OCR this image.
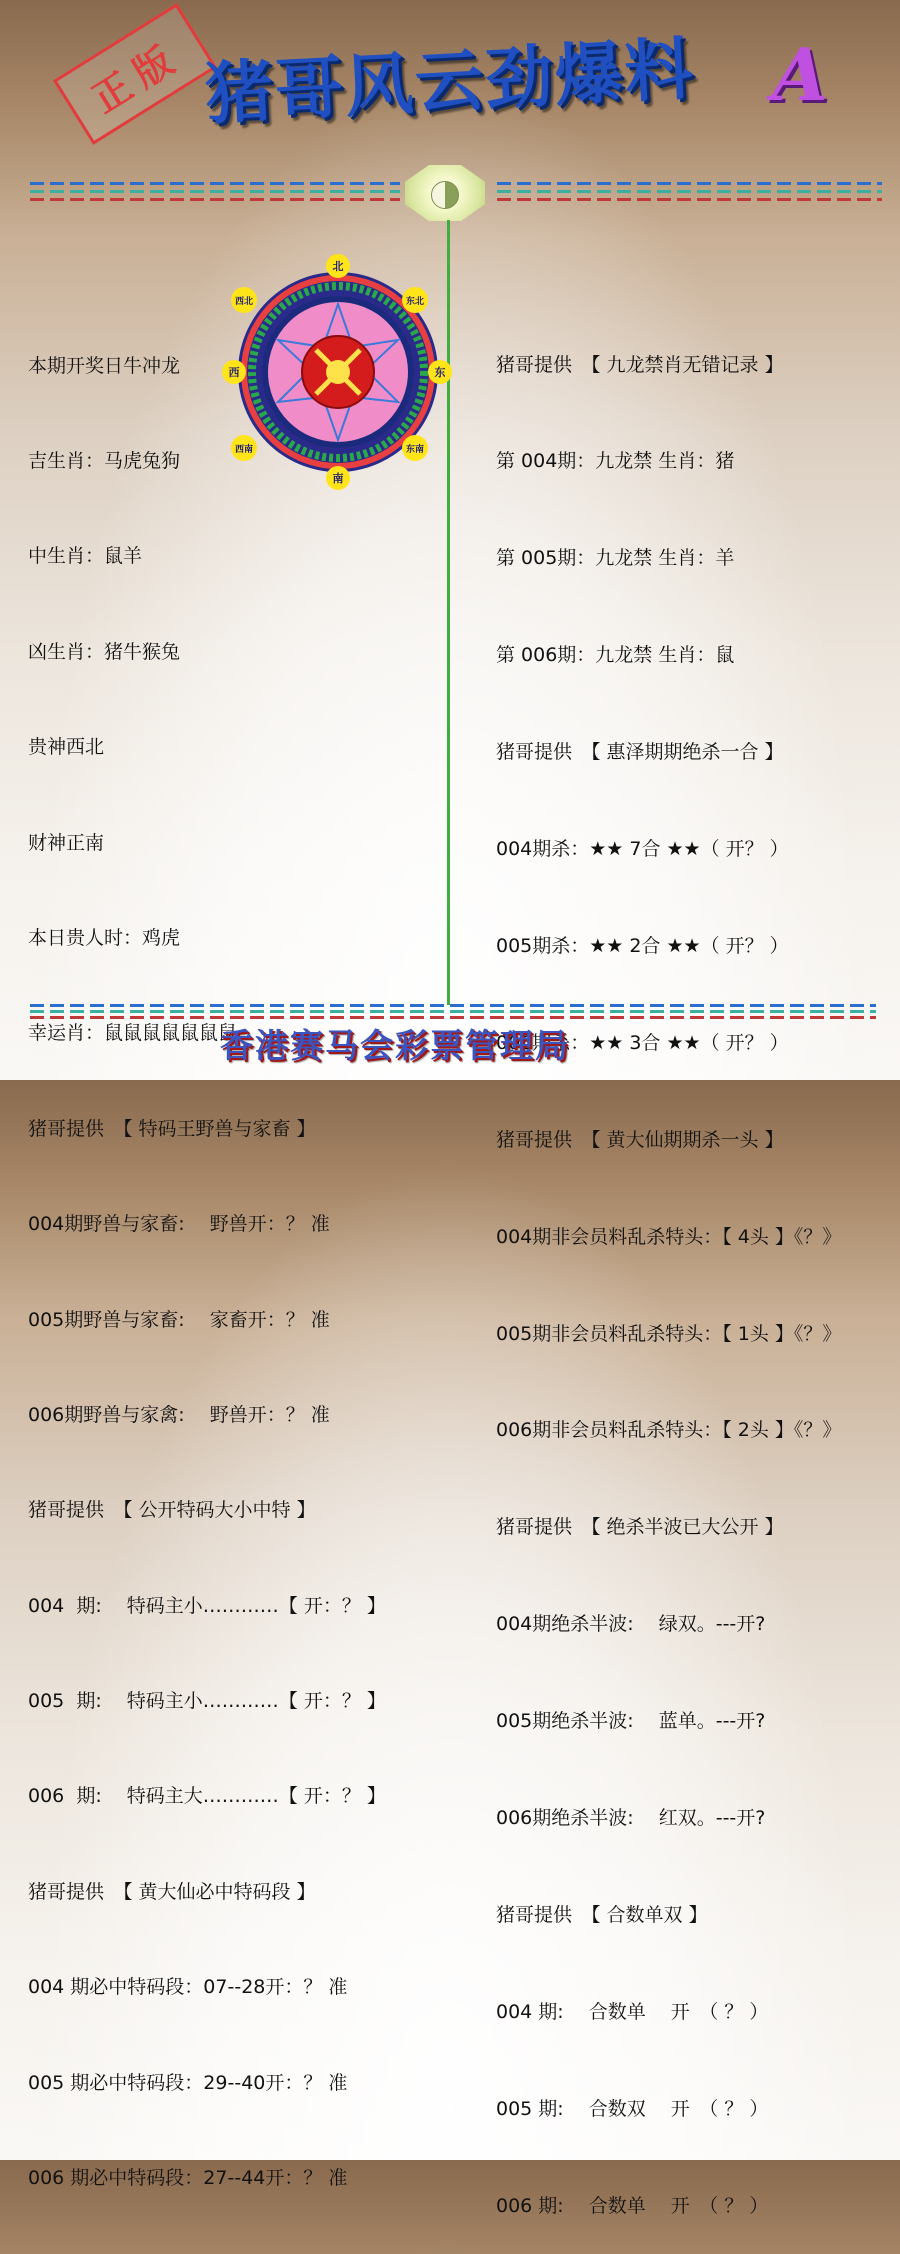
正版 猪哥风云劲爆料 A
北
东北
东
东南
南
西南
西
西北

本期开奖日牛冲龙

吉生肖：马虎兔狗

中生肖：鼠羊

凶生肖：猪牛猴兔

贵神西北

财神正南

本日贵人时：鸡虎

幸运肖：鼠鼠鼠鼠鼠鼠鼠

猪哥提供　【 特码王野兽与家畜 】

004期野兽与家畜:　 野兽开：？ 准

005期野兽与家畜:　 家畜开：？ 准

006期野兽与家禽:　 野兽开：？ 准

猪哥提供　【 公开特码大小中特 】

004  期:　 特码主小…………【 开：？ 】

005  期:　 特码主小…………【 开：？ 】

006  期:　 特码主大…………【 开：？ 】

猪哥提供　【 黄大仙必中特码段 】

004 期必中特码段：07--28开：？ 准

005 期必中特码段：29--40开：？ 准

006 期必中特码段：27--44开：？ 准

猪哥提供　【 九龙禁肖无错记录 】

第 004期：九龙禁 生肖：猪

第 005期：九龙禁 生肖：羊

第 006期：九龙禁 生肖：鼠

猪哥提供　【 惠泽期期绝杀一合 】

004期杀：★★ 7合 ★★（ 开？ ）

005期杀：★★ 2合 ★★（ 开？ ）

006期杀：★★ 3合 ★★（ 开？ ）

猪哥提供　【 黄大仙期期杀一头 】

004期非会员料乱杀特头：【 4头 】《？》

005期非会员料乱杀特头：【 1头 】《？》

006期非会员料乱杀特头：【 2头 】《？》

猪哥提供　【 绝杀半波已大公开 】

004期绝杀半波:　 绿双。---开?

005期绝杀半波:　 蓝单。---开?

006期绝杀半波:　 红双。---开?

猪哥提供　【 合数单双 】

004 期:　 合数单　 开　（ ？ ）

005 期:　 合数双　 开　（ ？ ）

006 期:　 合数单　 开　（ ？ ）

香港赛马会彩票管理局
